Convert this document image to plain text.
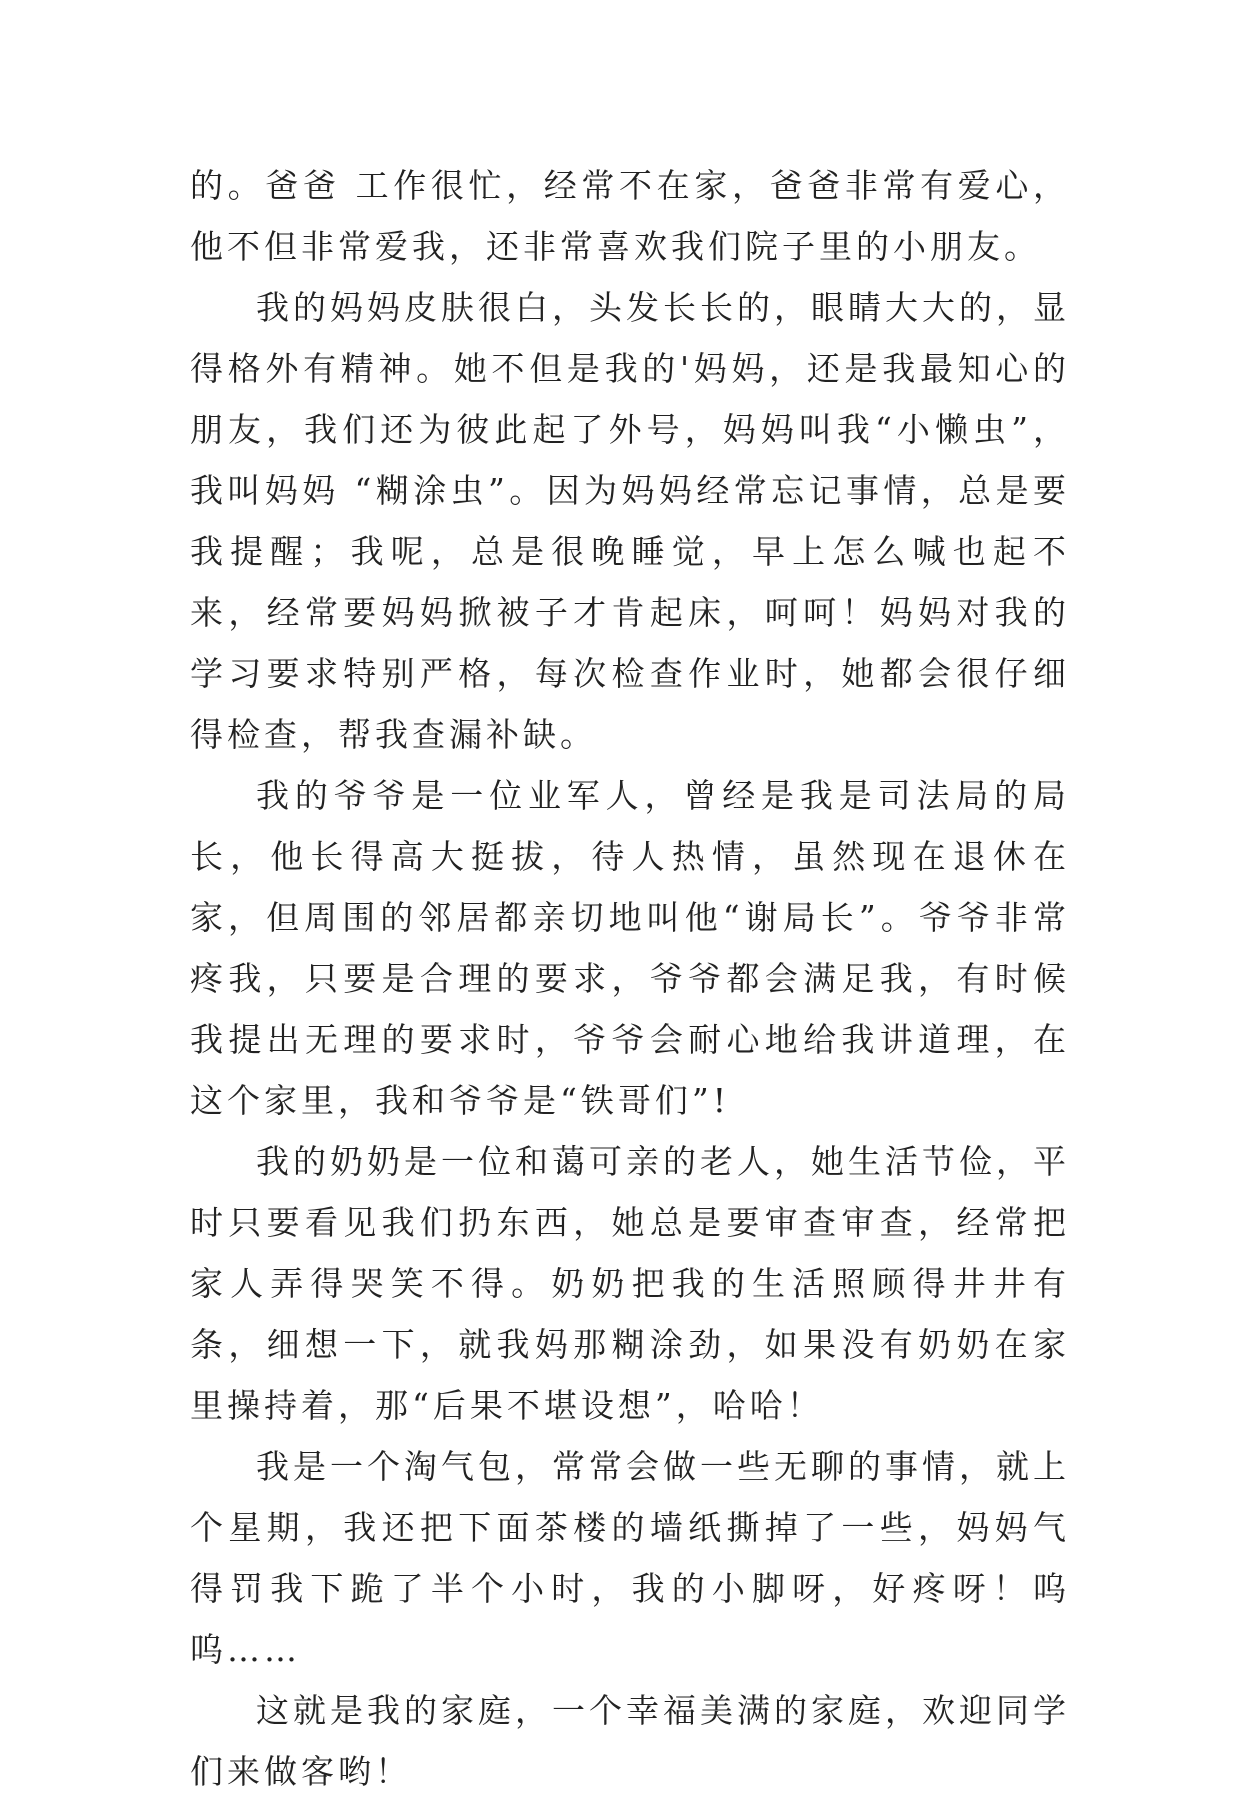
的。爸爸 工作很忙，经常不在家，爸爸非常有爱心，他不但非常爱我，还非常喜欢我们院子里的小朋友。

我的妈妈皮肤很白，头发长长的，眼睛大大的，显得格外有精神。她不但是我的'妈妈，还是我最知心的朋友，我们还为彼此起了外号，妈妈叫我“小懒虫”，我叫妈妈 “糊涂虫”。因为妈妈经常忘记事情，总是要我提醒；我呢，总是很晚睡觉，早上怎么喊也起不来，经常要妈妈掀被子才肯起床，呵呵！妈妈对我的学习要求特别严格，每次检查作业时，她都会很仔细得检查，帮我查漏补缺。

我的爷爷是一位业军人，曾经是我是司法局的局长，他长得高大挺拔，待人热情，虽然现在退休在家，但周围的邻居都亲切地叫他“谢局长”。爷爷非常疼我，只要是合理的要求，爷爷都会满足我，有时候我提出无理的要求时，爷爷会耐心地给我讲道理，在这个家里，我和爷爷是“铁哥们”!

我的奶奶是一位和蔼可亲的老人，她生活节俭，平时只要看见我们扔东西，她总是要审查审查，经常把家人弄得哭笑不得。奶奶把我的生活照顾得井井有条，细想一下，就我妈那糊涂劲，如果没有奶奶在家里操持着，那“后果不堪设想”，哈哈！

我是一个淘气包，常常会做一些无聊的事情，就上个星期，我还把下面茶楼的墙纸撕掉了一些，妈妈气得罚我下跪了半个小时，我的小脚呀，好疼呀！呜呜……

这就是我的家庭，一个幸福美满的家庭，欢迎同学们来做客哟！
